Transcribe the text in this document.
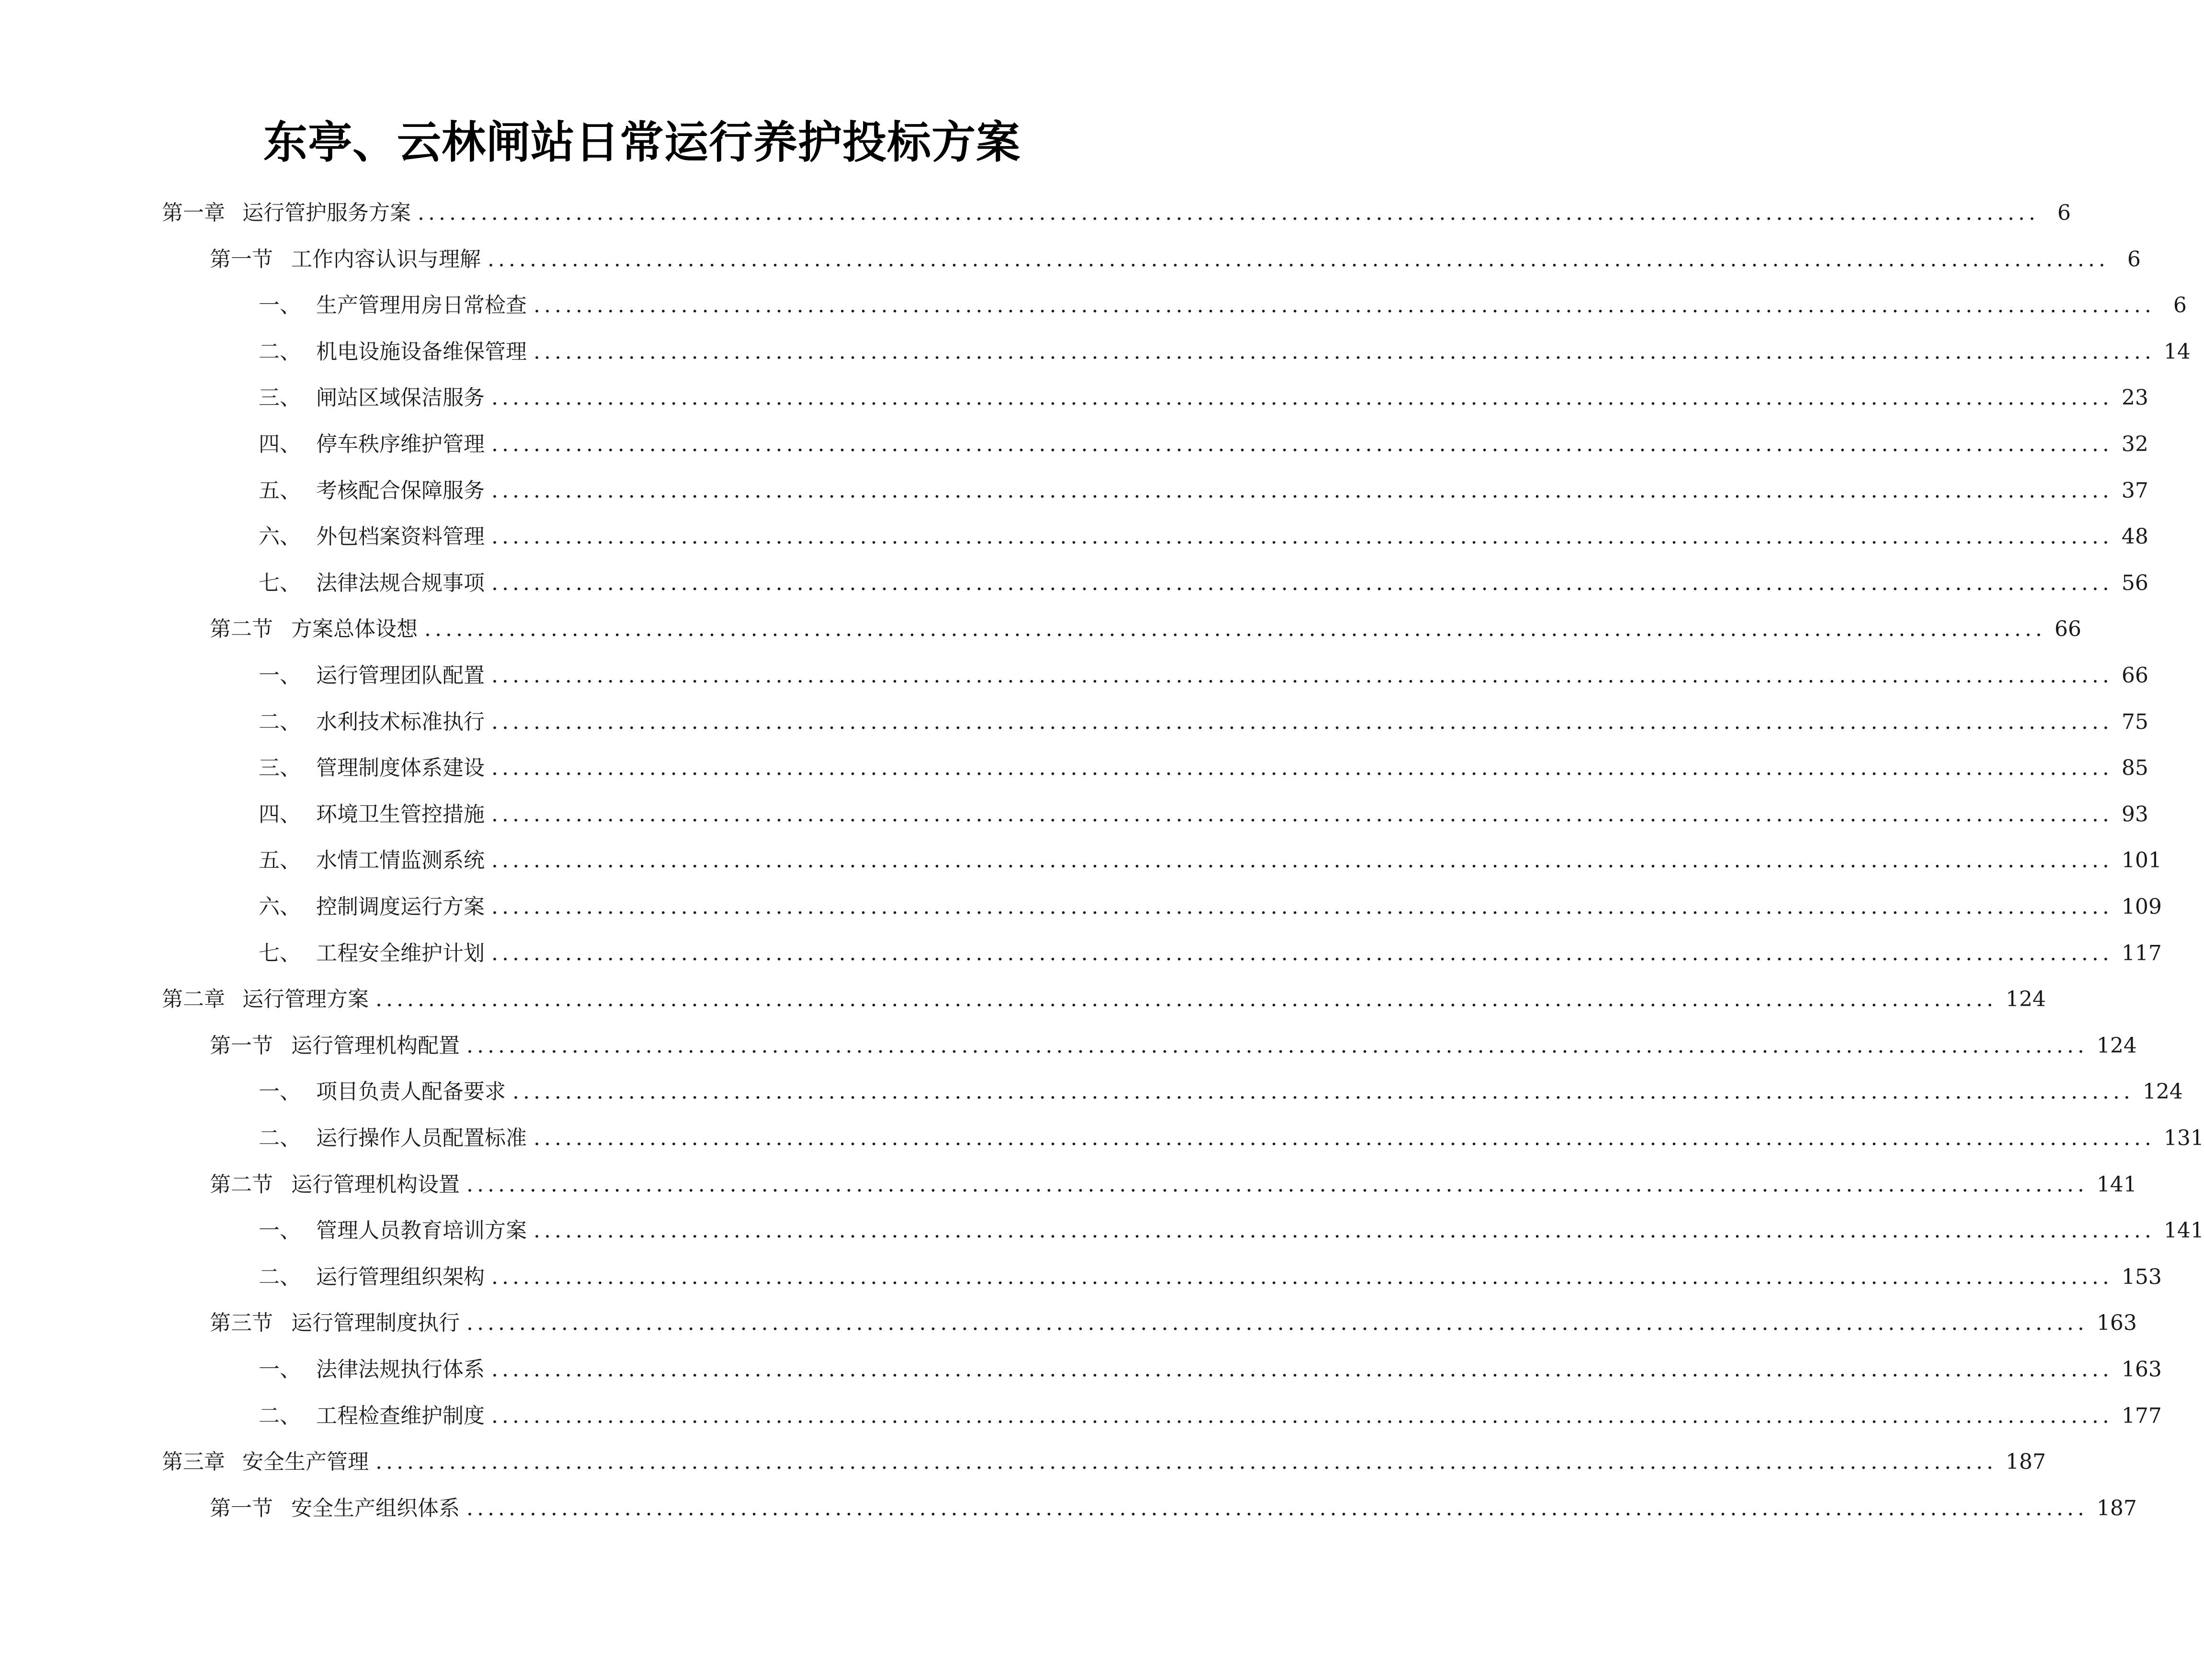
东亭、云林闸站日常运行养护投标方案
第一章 运行管护服务方案 .......................................................................................................................................................... 6
第一节 工作内容认识与理解 .......................................................................................................................................................... 6
一、 生产管理用房日常检查 .......................................................................................................................................................... 6
二、 机电设施设备维保管理 .......................................................................................................................................................... 14
三、 闸站区域保洁服务 .......................................................................................................................................................... 23
四、 停车秩序维护管理 .......................................................................................................................................................... 32
五、 考核配合保障服务 .......................................................................................................................................................... 37
六、 外包档案资料管理 .......................................................................................................................................................... 48
七、 法律法规合规事项 .......................................................................................................................................................... 56
第二节 方案总体设想 .......................................................................................................................................................... 66
一、 运行管理团队配置 .......................................................................................................................................................... 66
二、 水利技术标准执行 .......................................................................................................................................................... 75
三、 管理制度体系建设 .......................................................................................................................................................... 85
四、 环境卫生管控措施 .......................................................................................................................................................... 93
五、 水情工情监测系统 .......................................................................................................................................................... 101
六、 控制调度运行方案 .......................................................................................................................................................... 109
七、 工程安全维护计划 .......................................................................................................................................................... 117
第二章 运行管理方案 .......................................................................................................................................................... 124
第一节 运行管理机构配置 .......................................................................................................................................................... 124
一、 项目负责人配备要求 .......................................................................................................................................................... 124
二、 运行操作人员配置标准 .......................................................................................................................................................... 131
第二节 运行管理机构设置 .......................................................................................................................................................... 141
一、 管理人员教育培训方案 .......................................................................................................................................................... 141
二、 运行管理组织架构 .......................................................................................................................................................... 153
第三节 运行管理制度执行 .......................................................................................................................................................... 163
一、 法律法规执行体系 .......................................................................................................................................................... 163
二、 工程检查维护制度 .......................................................................................................................................................... 177
第三章 安全生产管理 .......................................................................................................................................................... 187
第一节 安全生产组织体系 .......................................................................................................................................................... 187
